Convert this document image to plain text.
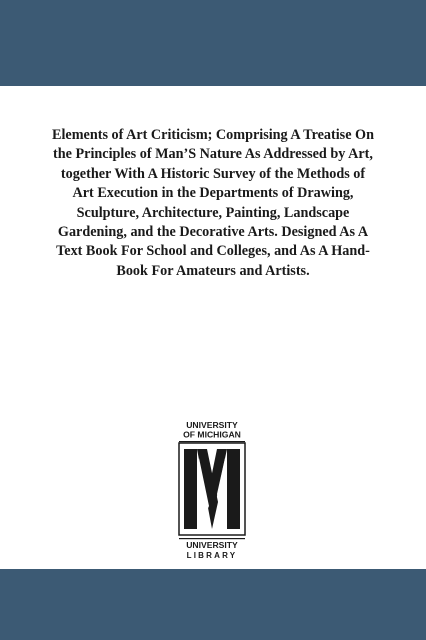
Elements of Art Criticism; Comprising A Treatise On the Principles of Man’S Nature As Addressed by Art, together With A Historic Survey of the Methods of Art Execution in the Departments of Drawing, Sculpture, Architecture, Painting, Landscape Gardening, and the Decorative Arts. Designed As A Text Book For School and Colleges, and As A Hand-Book For Amateurs and Artists.

UNIVERSITY
OF MICHIGAN
UNIVERSITY
LIBRARY
